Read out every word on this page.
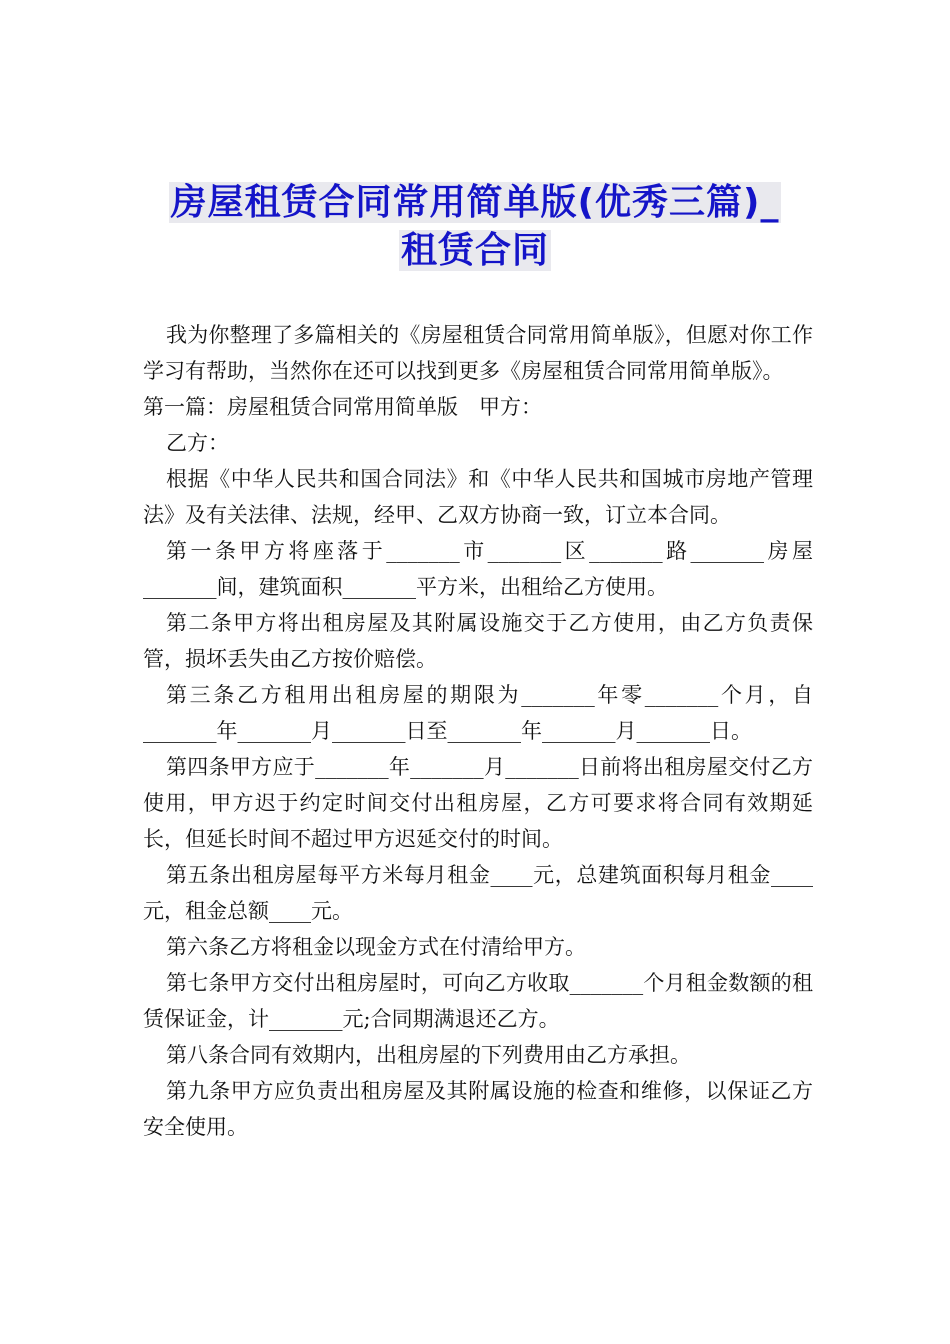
房屋租赁合同常用简单版(优秀三篇)_
租赁合同

我为你整理了多篇相关的《房屋租赁合同常用简单版》，但愿对你工作学习有帮助，当然你在还可以找到更多《房屋租赁合同常用简单版》。

第一篇：房屋租赁合同常用简单版　甲方：

乙方：

根据《中华人民共和国合同法》和《中华人民共和国城市房地产管理法》及有关法律、法规，经甲、乙双方协商一致，订立本合同。

第一条甲方将座落于_______市_______区_______路_______房屋_______间，建筑面积_______平方米，出租给乙方使用。

第二条甲方将出租房屋及其附属设施交于乙方使用，由乙方负责保管，损坏丢失由乙方按价赔偿。

第三条乙方租用出租房屋的期限为_______年零_______个月，自_______年_______月_______日至_______年_______月_______日。

第四条甲方应于_______年_______月_______日前将出租房屋交付乙方使用，甲方迟于约定时间交付出租房屋，乙方可要求将合同有效期延长，但延长时间不超过甲方迟延交付的时间。

第五条出租房屋每平方米每月租金____元，总建筑面积每月租金____元，租金总额____元。

第六条乙方将租金以现金方式在付清给甲方。

第七条甲方交付出租房屋时，可向乙方收取_______个月租金数额的租赁保证金，计_______元;合同期满退还乙方。

第八条合同有效期内，出租房屋的下列费用由乙方承担。

第九条甲方应负责出租房屋及其附属设施的检查和维修，以保证乙方安全使用。
